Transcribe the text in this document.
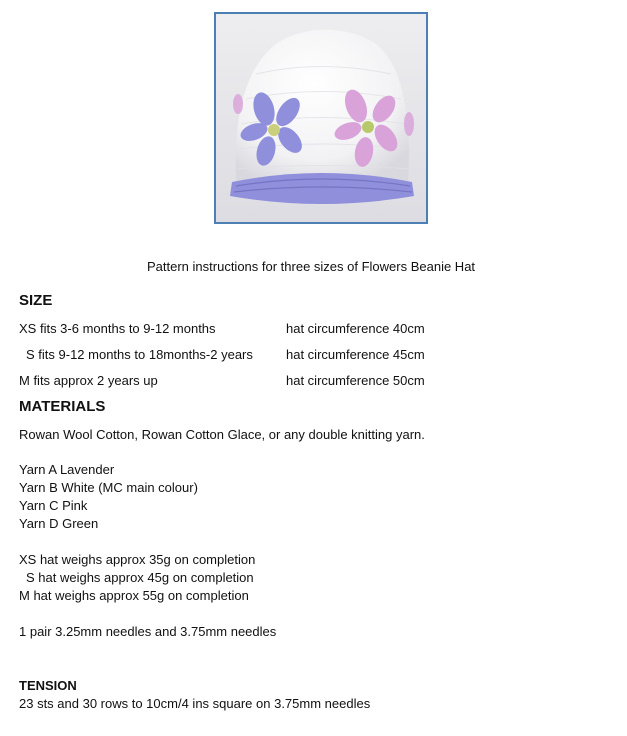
Pattern instructions for three sizes of Flowers Beanie Hat
SIZE
XS fits 3-6 months to 9-12 months	hat circumference 40cm
S fits 9-12 months to 18months-2 years	hat circumference 45cm
M fits approx 2 years up	hat circumference 50cm
MATERIALS
Rowan Wool Cotton, Rowan Cotton Glace, or any double knitting yarn.
Yarn A Lavender
Yarn B White (MC main colour)
Yarn C Pink
Yarn D Green
XS hat weighs approx 35g on completion
S hat weighs approx 45g on completion
M hat weighs approx 55g on completion
1 pair 3.25mm needles and 3.75mm needles
TENSION
23 sts and 30 rows to 10cm/4 ins square on 3.75mm needles
